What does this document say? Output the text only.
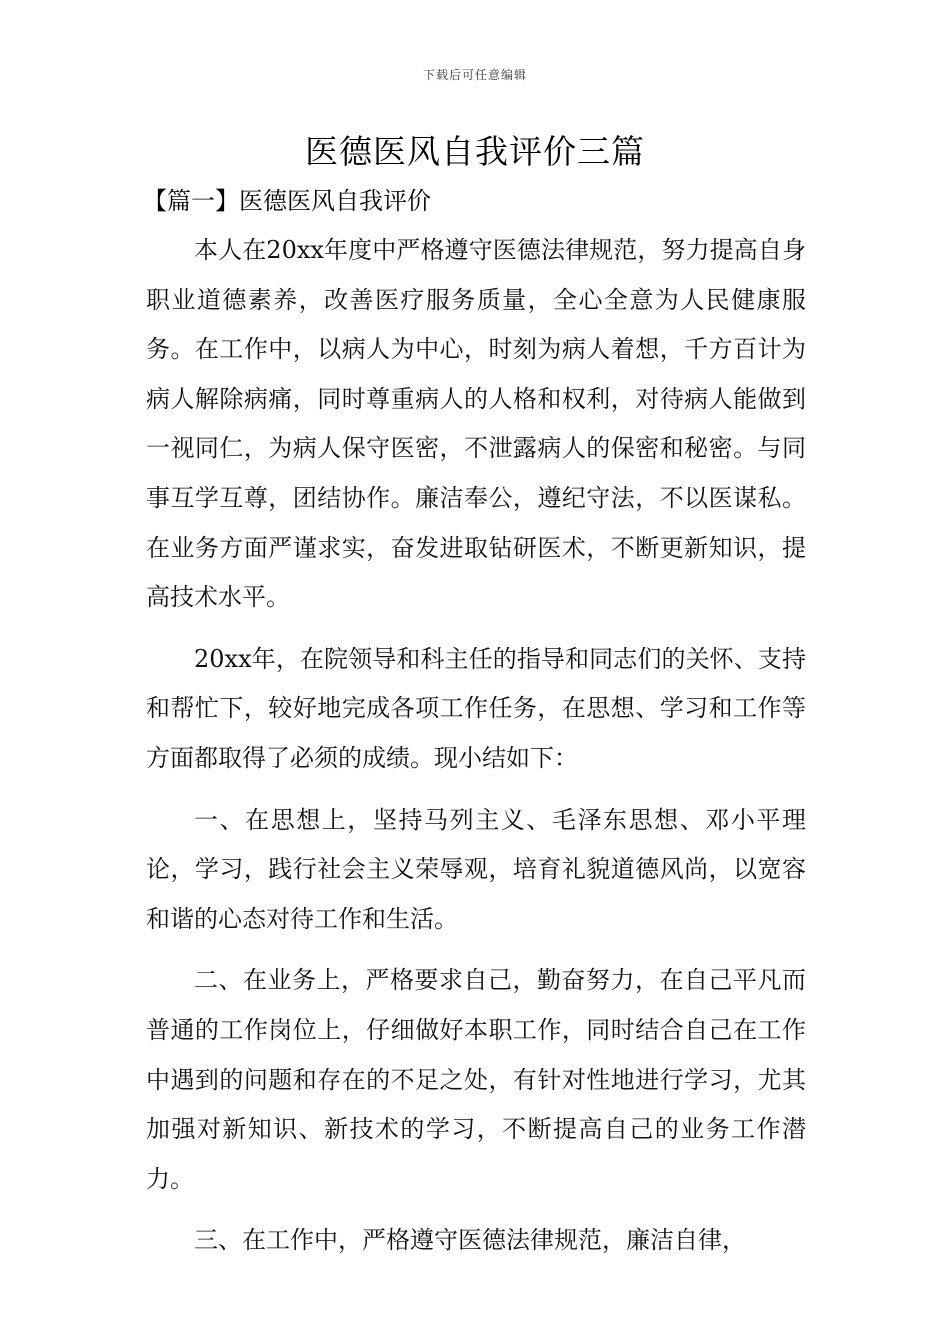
下载后可任意编辑
医德医风自我评价三篇
【篇一】医德医风自我评价

本人在20xx年度中严格遵守医德法律规范，努力提高自身职业道德素养，改善医疗服务质量，全心全意为人民健康服务。在工作中，以病人为中心，时刻为病人着想，千方百计为病人解除病痛，同时尊重病人的人格和权利，对待病人能做到一视同仁，为病人保守医密，不泄露病人的保密和秘密。与同事互学互尊，团结协作。廉洁奉公，遵纪守法，不以医谋私。在业务方面严谨求实，奋发进取钻研医术，不断更新知识，提高技术水平。

20xx年，在院领导和科主任的指导和同志们的关怀、支持和帮忙下，较好地完成各项工作任务，在思想、学习和工作等方面都取得了必须的成绩。现小结如下：

一、在思想上，坚持马列主义、毛泽东思想、邓小平理论，学习，践行社会主义荣辱观，培育礼貌道德风尚，以宽容和谐的心态对待工作和生活。

二、在业务上，严格要求自己，勤奋努力，在自己平凡而普通的工作岗位上，仔细做好本职工作，同时结合自己在工作中遇到的问题和存在的不足之处，有针对性地进行学习，尤其加强对新知识、新技术的学习，不断提高自己的业务工作潜力。

三、在工作中，严格遵守医德法律规范，廉洁自律，
